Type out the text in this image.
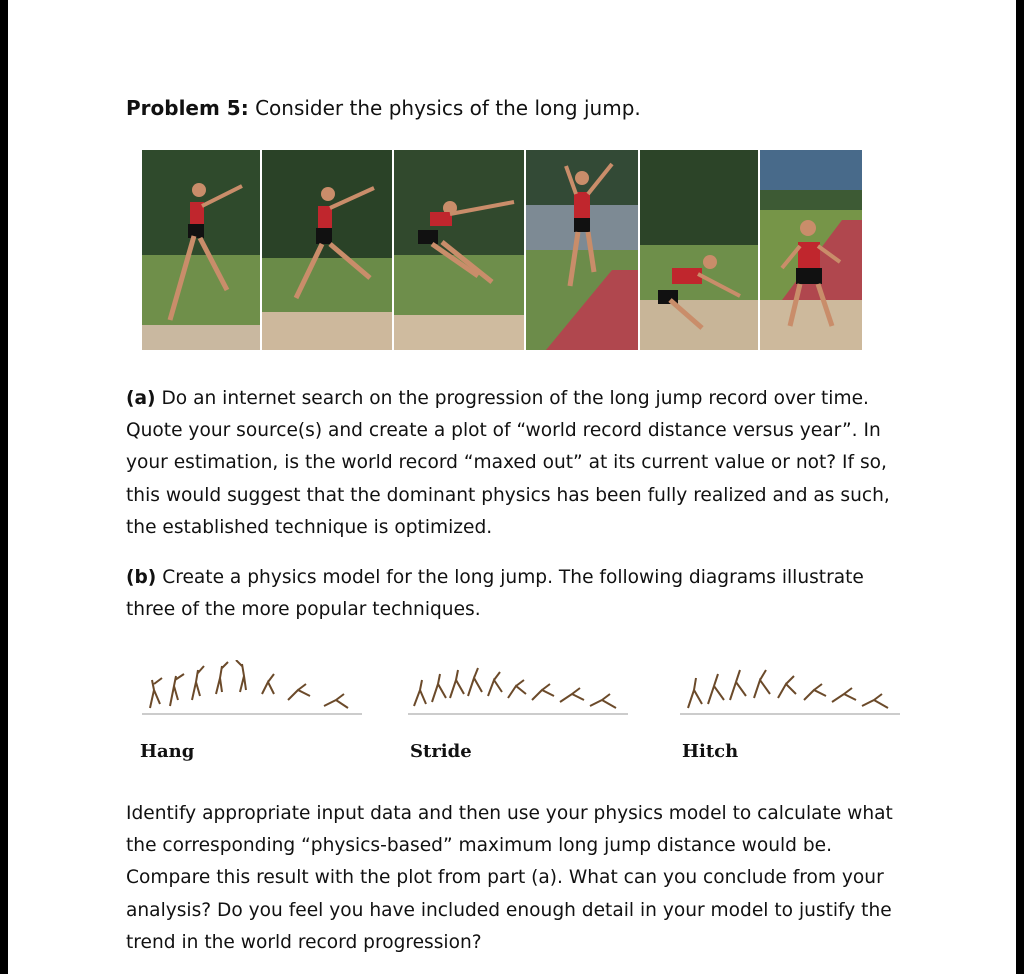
Problem 5: Consider the physics of the long jump.
(a) Do an internet search on the progression of the long jump record over time. Quote your source(s) and create a plot of “world record distance versus year”. In your estimation, is the world record “maxed out” at its current value or not? If so, this would suggest that the dominant physics has been fully realized and as such, the established technique is optimized.
(b) Create a physics model for the long jump. The following diagrams illustrate three of the more popular techniques.
Hang	Stride	Hitch
Identify appropriate input data and then use your physics model to calculate what the corresponding “physics-based” maximum long jump distance would be. Compare this result with the plot from part (a). What can you conclude from your analysis? Do you feel you have included enough detail in your model to justify the trend in the world record progression?
